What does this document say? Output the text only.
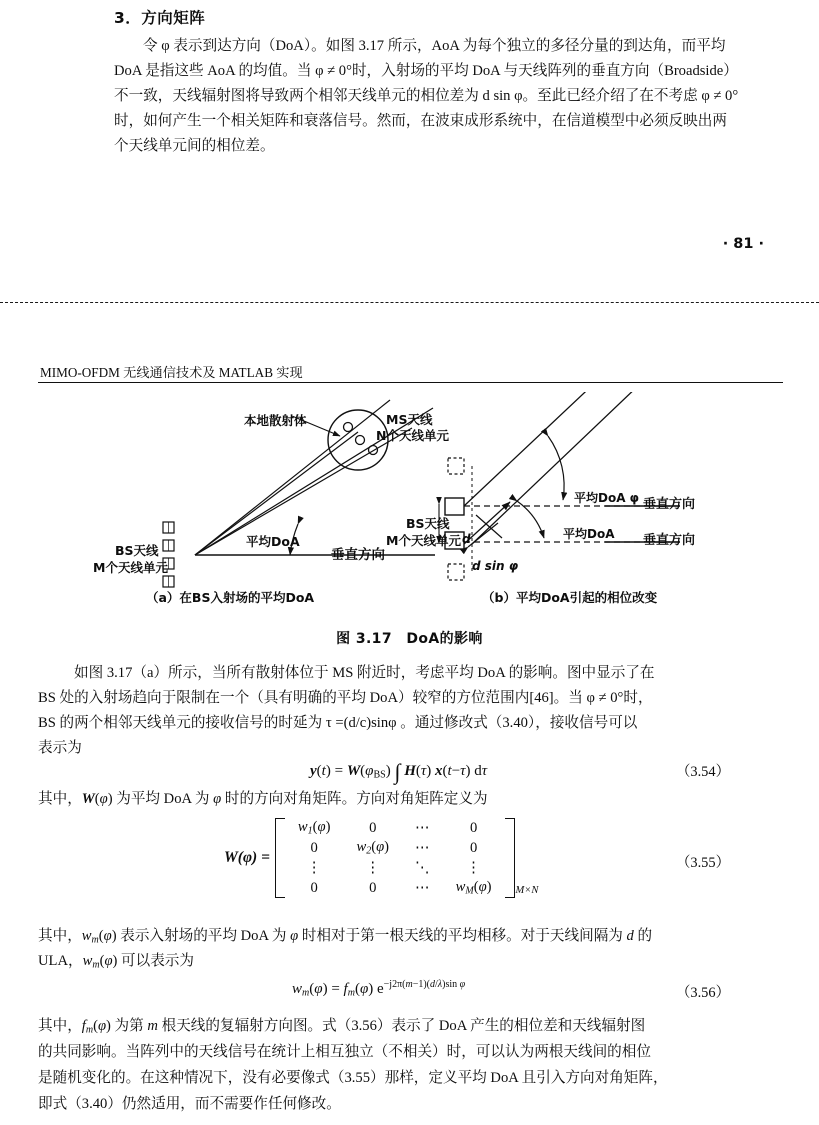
3．方向矩阵
令 φ 表示到达方向（DoA）。如图 3.17 所示，AoA 为每个独立的多径分量的到达角，而平均
DoA 是指这些 AoA 的均值。当 φ ≠ 0°时，入射场的平均 DoA 与天线阵列的垂直方向（Broadside）
不一致，天线辐射图将导致两个相邻天线单元的相位差为 d sin φ。至此已经介绍了在不考虑 φ ≠ 0°
时，如何产生一个相关矩阵和衰落信号。然而，在波束成形系统中，在信道模型中必须反映出两
个天线单元间的相位差。
· 81 ·
MIMO-OFDM 无线通信技术及 MATLAB 实现
本地散射体	MS天线
N个天线单元
BS天线
M个天线单元
平均DoA
垂直方向
BS天线
M个天线单元 d
平均DoA φ 垂直方向
平均DoA 垂直方向
d sin φ
（a）在BS入射场的平均DoA	（b）平均DoA引起的相位改变
图 3.17　DoA的影响
如图 3.17（a）所示，当所有散射体位于 MS 附近时，考虑平均 DoA 的影响。图中显示了在
BS 处的入射场趋向于限制在一个（具有明确的平均 DoA）较窄的方位范围内[46]。当 φ ≠ 0°时，
BS 的两个相邻天线单元的接收信号的时延为 τ =(d/c)sinφ 。通过修改式（3.40），接收信号可以
表示为
$y(t) = W(\varphi_{BS})$ ∫ H(τ) x(t−τ) dτ	（3.54）
其中，W(φ) 为平均 DoA 为 φ 时的方向对角矩阵。方向对角矩阵定义为
W(φ) =
$w_1(\varphi)$	0	⋯	0
0	$w_2(\varphi)$	⋯	0
⋮	⋮	⋱	⋮
0	0	⋯	$w_M(\varphi)$ M×N
（3.55）
其中，$w_m(\varphi)$ 表示入射场的平均 DoA 为 φ 时相对于第一根天线的平均相移。对于天线间隔为 d 的
ULA，$w_m(\varphi)$ 可以表示为
$w_m(\varphi) = f_m(\varphi)$ $e^{-j2\pi(m-1)(d/\lambda)sin \varphi}$
（3.56）
其中，$f_m(\varphi)$ 为第 m 根天线的复辐射方向图。式（3.56）表示了 DoA 产生的相位差和天线辐射图
的共同影响。当阵列中的天线信号在统计上相互独立（不相关）时，可以认为两根天线间的相位
是随机变化的。在这种情况下，没有必要像式（3.55）那样，定义平均 DoA 且引入方向对角矩阵，
即式（3.40）仍然适用，而不需要作任何修改。
